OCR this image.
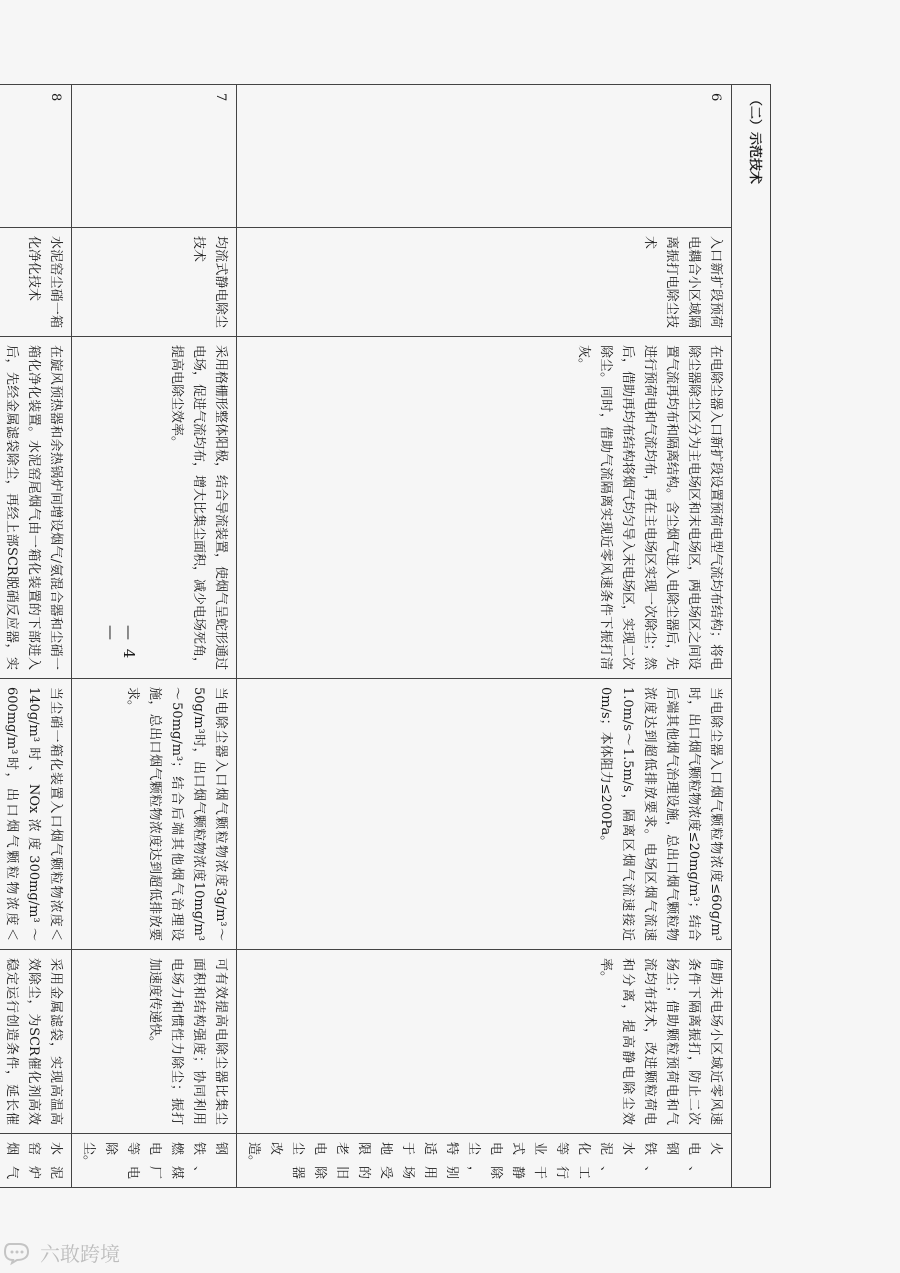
（二）示范技术					
6	入口新扩段预荷电耦合小区域隔离振打电除尘技术	在电除尘器入口新扩段设置预荷电型气流均布结构；将电除尘器除尘区分为主电场区和末电场区，两电场区之间设置气流再均布和隔离结构。含尘烟气进入电除尘器后，先进行预荷电和气流均布，再在主电场区实现一次除尘；然后，借助再均布结构将烟气均匀导入末电场区，实现二次除尘。同时，借助气流隔离实现近零风速条件下振打清灰。	当电除尘器入口烟气颗粒物浓度≤60g/m³时，出口烟气颗粒物浓度≤20mg/m³；结合后端其他烟气治理设施，总出口烟气颗粒物浓度达到超低排放要求。电场区烟气流速1.0m/s～1.5m/s，隔离区烟气流速接近0m/s；本体阻力≤200Pa。	借助末电场小区域近零风速条件下隔离振打，防止二次扬尘；借助颗粒预荷电和气流均布技术，改进颗粒荷电和分离，提高静电除尘效率。	火电、钢铁、水泥、化工等行业干式静电除尘，特别适用于场地受限的老旧电除尘器改造。
7	均流式静电除尘技术	采用格栅形整体阳极，结合导流装置，使烟气呈蛇形通过电场，促进气流均布，增大比集尘面积，减少电场死角，提高电除尘效率。	当电除尘器入口烟气颗粒物浓度3g/m³～50g/m³时，出口烟气颗粒物浓度10mg/m³～50mg/m³；结合后端其他烟气治理设施，总出口烟气颗粒物浓度达到超低排放要求。	可有效提高电除尘器比集尘面积和结构强度；协同利用电场力和惯性力除尘；振打加速度传递快。	钢铁、燃煤电厂等电除尘。
8	水泥窑尘硝一箱化净化技术	在旋风预热器和余热锅炉间增设烟气/氨混合器和尘硝一箱化净化装置。水泥窑尾烟气由一箱化装置的下部进入后，先经金属滤袋除尘，再经上部SCR脱硝反应器，实	当尘硝一箱化装置入口烟气颗粒物浓度＜140g/m³时、NOx浓度300mg/m³～600mg/m³时，出口烟气颗粒物浓度＜	采用金属滤袋，实现高温高效除尘，为SCR催化剂高效稳定运行创造条件，延长催	水泥窑炉烟气
— 4 —
六敢跨境
